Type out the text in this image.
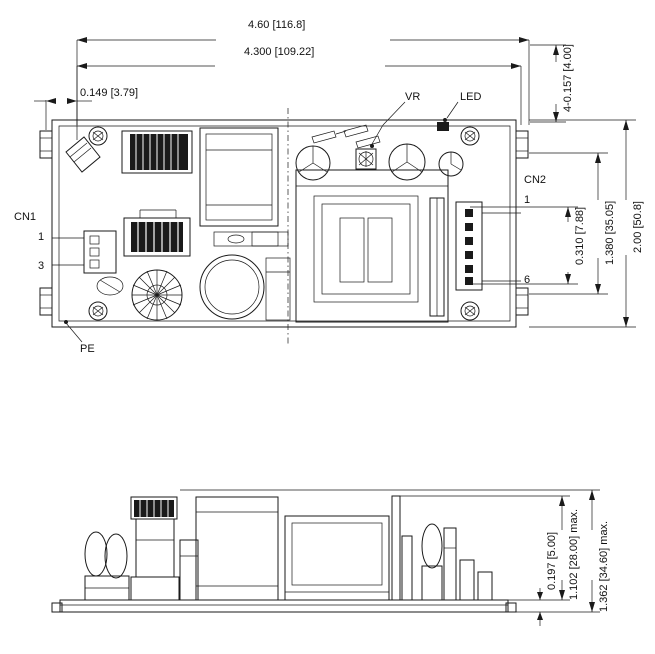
4.60 [116.8]
4.300 [109.22]
0.149 [3.79]	4-0.157 [4.00]
2.00 [50.8]
1.380 [35.05]
0.310 [7.88]
VR	LED
PE
CN1
1
3
CN2
1
6
0.197 [5.00] 1.102 [28.00] max. 1.362 [34.60] max.
